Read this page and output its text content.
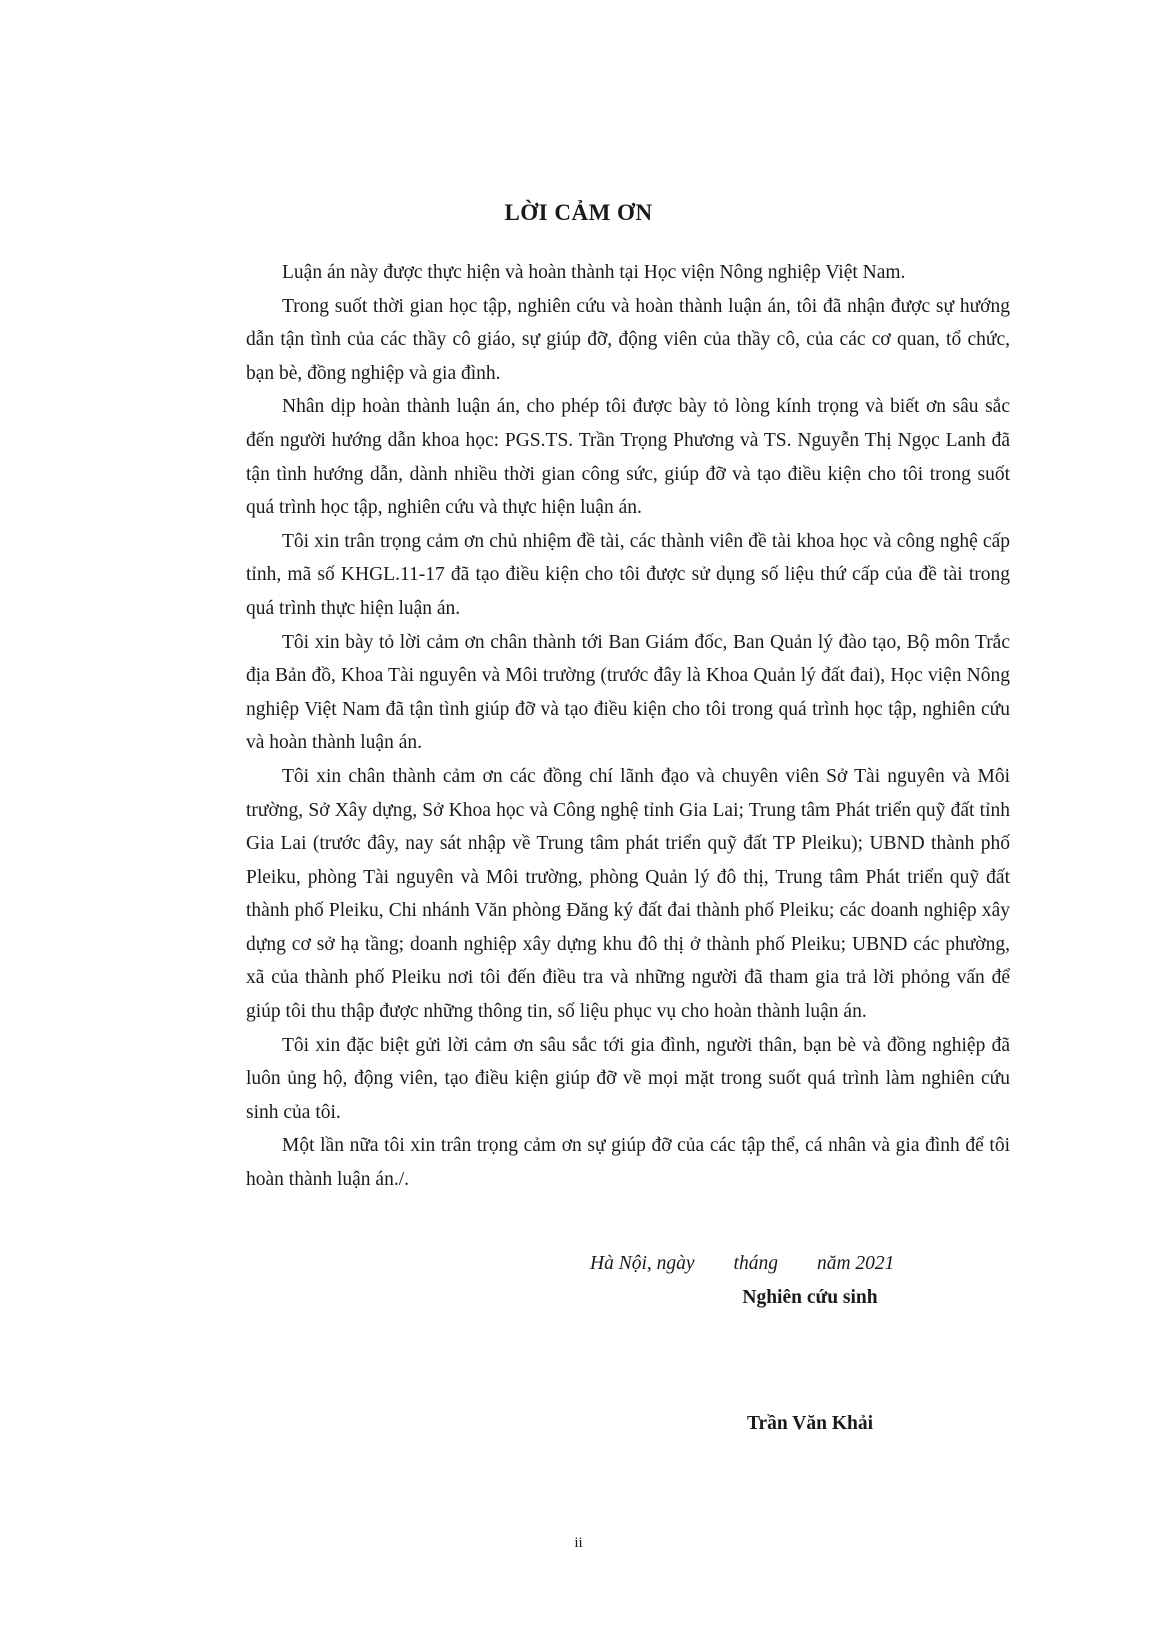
LỜI CẢM ƠN

Luận án này được thực hiện và hoàn thành tại Học viện Nông nghiệp Việt Nam.

Trong suốt thời gian học tập, nghiên cứu và hoàn thành luận án, tôi đã nhận được sự hướng dẫn tận tình của các thầy cô giáo, sự giúp đỡ, động viên của thầy cô, của các cơ quan, tổ chức, bạn bè, đồng nghiệp và gia đình.

Nhân dịp hoàn thành luận án, cho phép tôi được bày tỏ lòng kính trọng và biết ơn sâu sắc đến người hướng dẫn khoa học: PGS.TS. Trần Trọng Phương và TS. Nguyễn Thị Ngọc Lanh đã tận tình hướng dẫn, dành nhiều thời gian công sức, giúp đỡ và tạo điều kiện cho tôi trong suốt quá trình học tập, nghiên cứu và thực hiện luận án.

Tôi xin trân trọng cảm ơn chủ nhiệm đề tài, các thành viên đề tài khoa học và công nghệ cấp tỉnh, mã số KHGL.11-17 đã tạo điều kiện cho tôi được sử dụng số liệu thứ cấp của đề tài trong quá trình thực hiện luận án.

Tôi xin bày tỏ lời cảm ơn chân thành tới Ban Giám đốc, Ban Quản lý đào tạo, Bộ môn Trắc địa Bản đồ, Khoa Tài nguyên và Môi trường (trước đây là Khoa Quản lý đất đai), Học viện Nông nghiệp Việt Nam đã tận tình giúp đỡ và tạo điều kiện cho tôi trong quá trình học tập, nghiên cứu và hoàn thành luận án.

Tôi xin chân thành cảm ơn các đồng chí lãnh đạo và chuyên viên Sở Tài nguyên và Môi trường, Sở Xây dựng, Sở Khoa học và Công nghệ tỉnh Gia Lai; Trung tâm Phát triển quỹ đất tỉnh Gia Lai (trước đây, nay sát nhập về Trung tâm phát triển quỹ đất TP Pleiku); UBND thành phố Pleiku, phòng Tài nguyên và Môi trường, phòng Quản lý đô thị, Trung tâm Phát triển quỹ đất thành phố Pleiku, Chi nhánh Văn phòng Đăng ký đất đai thành phố Pleiku; các doanh nghiệp xây dựng cơ sở hạ tầng; doanh nghiệp xây dựng khu đô thị ở thành phố Pleiku; UBND các phường, xã của thành phố Pleiku nơi tôi đến điều tra và những người đã tham gia trả lời phỏng vấn để giúp tôi thu thập được những thông tin, số liệu phục vụ cho hoàn thành luận án.

Tôi xin đặc biệt gửi lời cảm ơn sâu sắc tới gia đình, người thân, bạn bè và đồng nghiệp đã luôn ủng hộ, động viên, tạo điều kiện giúp đỡ về mọi mặt trong suốt quá trình làm nghiên cứu sinh của tôi.

Một lần nữa tôi xin trân trọng cảm ơn sự giúp đỡ của các tập thể, cá nhân và gia đình để tôi hoàn thành luận án./.

Hà Nội, ngày        tháng        năm 2021
Nghiên cứu sinh
Trần Văn Khải
ii
